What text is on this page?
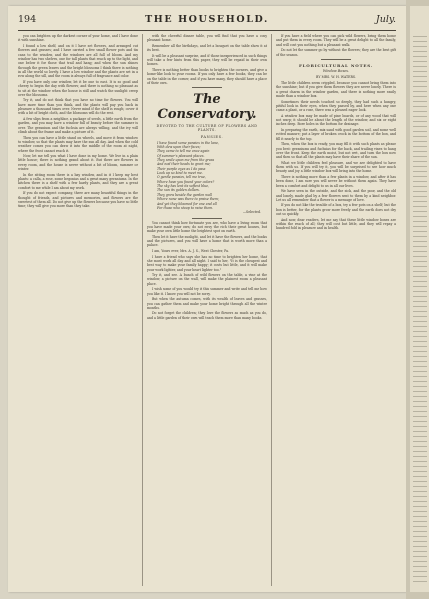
194	THE HOUSEHOLD.	July.

you can brighten up the darkest corner of your home, and I have done it with sunshine.

I found a low shelf, and on it I have set flowers, and arranged cut flowers and grasses; and I have carried a few small flower pots and tin cans to the window, and the windows are all full of bloom. And my window has two shelves, one for tall plants that reach up to the light, and one below it for those that trail and hang; and when the sun shines through the green leaves and the bright blossoms I think there is nothing in all the world so lovely. I have a low window and the plants are set in a row along the sill, and the room is always full of fragrance and color.

If you have only one window, let it be one to east. It is so good and cheery to begin the day with flowers; and there is nothing so pleasant as to sit at the window when the house is still and watch the sunlight creep over the blossoms.

Try it, and do not think that you have no time for flowers. You will have more time than you think, and the plants will pay you back in pleasure a thousand times over. Never mind if the shelf is rough; cover it with a bit of bright cloth, and the blossoms will do the rest.

A few slips from a neighbor, a package of seeds, a little earth from the garden, and you may have a window full of beauty before the summer is over. The geranium and the fuchsia are always willing, and the ivy will climb about the frame and make a picture of it.

Then you can have a little stand on wheels, and move it from window to window, so that the plants may have the sun all day. And when the cold weather comes you can draw it into the middle of the room at night, where the frost cannot reach it.

Now, let me tell you what I have done in my home. We live in a plain little house; there is nothing grand about it. But there are flowers in every room, and the house is never without a bit of bloom, summer or winter.

In the sitting room there is a bay window, and in it I keep my best plants: a calla, a rose, some begonias and a great many geraniums. In the kitchen there is a shelf with a few hardy plants, and they are a great comfort to me while I am about my work.

If you do not expect company, there are many beautiful things in the thought of friends, and pictures and memories, and flowers are the sweetest of them all. Do not give up the flowers because you have so little time; they will give you more than they take.

with the cheerful dinner table, you will find that you have a cosy pleasant home.

Remember all the birthdays, and let a bouquet on the table show it at its best.

It will be a pleasant surprise, and if those inexperienced in such things will take a few hints from this paper, they will be repaid in their own homes.

There is nothing better than books to brighten the corners, and give a home-like look to your rooms. If you only have a few books, they can be on the table in the corner, and if you have many, they should have a place of their own.

The Conservatory.
DEVOTED TO THE CULTURE OF FLOWERS AND PLANTS.
PANSIES.
I have found some pansies in the lane,
With dew upon their faces;
They came to tell me once again
Of summer's pleasant places.
They smile upon me from the grass
And nod their heads to greet me;
Their purple eyes as I do pass
Look up so kind to meet me.
O gentle pansies, tell me true,
Where have you found your colors?
The sky has lent its softest blue,
The sun its golden dollars.
They grew beside the garden wall
Where none was there to praise them;
And yet they bloomed for one and all
For those who stoop to raise them.
—Selected.

You cannot think how fortunate you are, who have a living room that you have made your own; do not envy the rich their great houses, but make your own little home the brightest spot on earth.

Then let it have the sunlight, and let it have the flowers, and the books and the pictures, and you will have a home that is worth more than a palace.

I am, Yours ever, Mrs. A. J. S., West Chester, Pa.

I have a friend who says she has no time to brighten her home, that she must work all day and all night. I said to her, "It is the cheapest and best way to make your family happy; it costs but little, and it will make your work lighter, and your heart lighter too."

Try it, and see. A bunch of wild flowers on the table, a vine at the window, a picture on the wall, will make the plainest room a pleasant place.

I wish some of you would try it this summer and write and tell me how you like it. I know you will not be sorry.

But when the autumn comes, with its wealth of leaves and grasses, you can gather them and make your home bright through all the winter months.

Do not forget the children; they love the flowers as much as you do, and a little garden of their own will teach them more than many books.

If you have a field where you can pick wild flowers, bring them home and put them in every room. They will be a great delight to all the family, and will cost you nothing but a pleasant walk.

Do not let the summer go by without the flowers; they are the best gift of the season.

FLORICULTURAL NOTES.
Window Boxes.
BY MRS. W. H. WATERS.

The little children seem crippled, because you cannot bring them into the sunshine; but if you give them flowers they are never lonely. There is a great charm in the window garden, and there is nothing more easily made than a window box.

Sometimes their needs touched so deeply, they had such a hungry, pitiful look in their eyes, when they passed by, and here when any one came a plant, or a rose, there was a pleased eager look.

A window box may be made of pine boards, or of any wood that will not warp; it should be about the length of the window, and six or eight inches deep. Bore holes in the bottom for drainage.

In preparing the earth, mix sand with good garden soil, and some well rotted manure; put a layer of broken crock in the bottom of the box, and fill it nearly to the top.

Then, when the box is ready, you may fill it with such plants as please you best: geraniums and fuchsias for the back, and trailing vines to hang over the front. Keep the earth moist, but not wet, and turn the box now and then so that all the plants may have their share of the sun.

What we little children feel pleasure, and we are delighted to have them with us. If you will try it, you will be surprised to see how much beauty and joy a little window box will bring into the home.

There is nothing more than a few plants in a window, and after it has been done, I am sure you will never be without them again. They have been a comfort and delight to us in all our lives.

We have seen in the outside, and the sick, and the poor, and the old and lonely, made glad by a few flowers sent to them by a kind neighbor. Let us all remember that a flower is a message of love.

If you do not like the trouble of a box, try a few pots on a shelf; but the box is better, for the plants grow more freely and the earth does not dry out so quickly.

And now, dear readers, let me say that these little window boxes are within the reach of all; they will cost but little, and they will repay a hundred fold in pleasure and in health.
